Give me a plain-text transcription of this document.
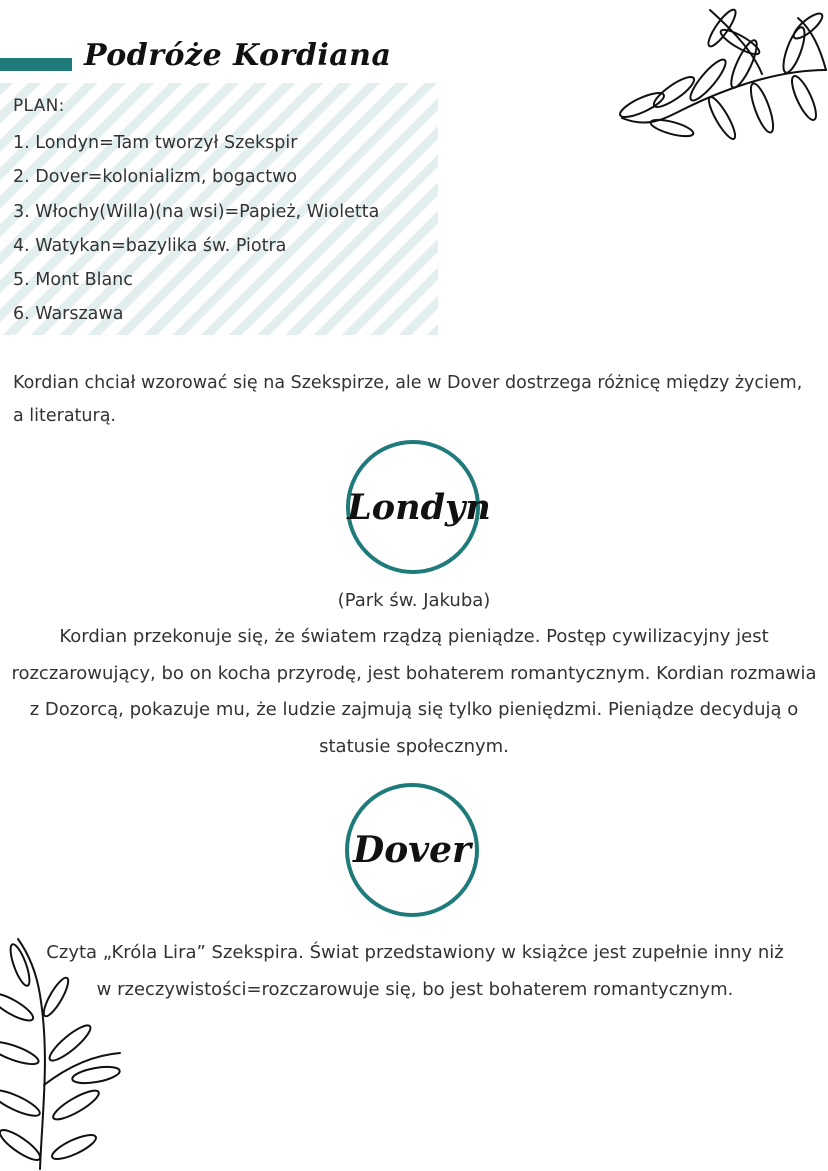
Podróże Kordiana
PLAN:
1. Londyn=Tam tworzył Szekspir
2. Dover=kolonializm, bogactwo
3. Włochy(Willa)(na wsi)=Papież, Wioletta
4. Watykan=bazylika św. Piotra
5. Mont Blanc
6. Warszawa

Kordian chciał wzorować się na Szekspirze, ale w Dover dostrzega różnicę między życiem, a literaturą.

Londyn
(Park św. Jakuba)

Kordian przekonuje się, że światem rządzą pieniądze. Postęp cywilizacyjny jest rozczarowujący, bo on kocha przyrodę, jest bohaterem romantycznym. Kordian rozmawia z Dozorcą, pokazuje mu, że ludzie zajmują się tylko pieniędzmi. Pieniądze decydują o statusie społecznym.

Dover

Czyta „Króla Lira” Szekspira. Świat przedstawiony w książce jest zupełnie inny niż w rzeczywistości=rozczarowuje się, bo jest bohaterem romantycznym.
